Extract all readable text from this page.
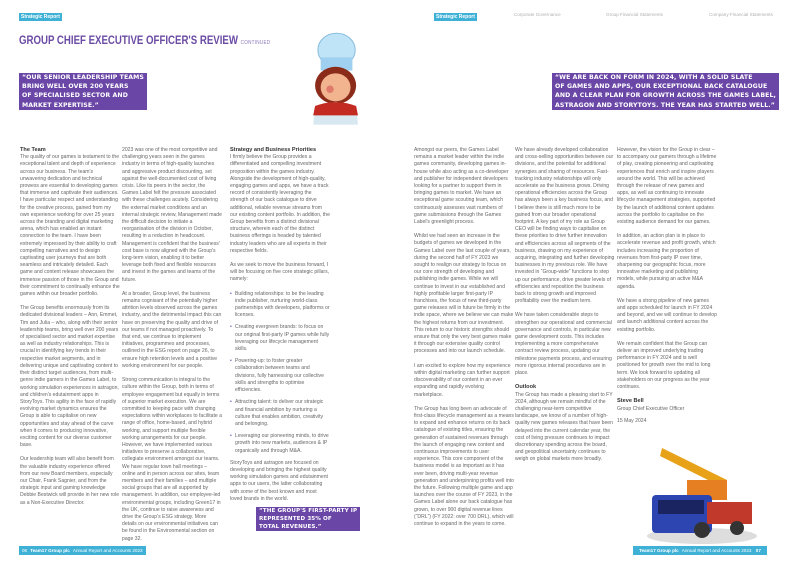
Strategic Report	Strategic Report	Corporate Governance	Group Financial Statements	Company Financial Statements
GROUP CHIEF EXECUTIVE OFFICER'S REVIEW CONTINUED
“OUR SENIOR LEADERSHIP TEAMS
BRING WELL OVER 200 YEARS
OF SPECIALISED SECTOR AND
MARKET EXPERTISE.”
“WE ARE BACK ON FORM IN 2024, WITH A SOLID SLATE
OF GAMES AND APPS, OUR EXCEPTIONAL BACK CATALOGUE
AND A CLEAR PLAN FOR GROWTH ACROSS THE GAMES LABEL,
ASTRAGON AND STORYTOYS. THE YEAR HAS STARTED WELL.”
The Team

The quality of our games is testament to the exceptional talent and depth of experience across our business. The team's unwavering dedication and technical prowess are essential to developing games that immerse and captivate their audiences. I have particular respect and understanding for the creative process, gained from my own experience working for over 25 years across the branding and digital marketing arena, which has enabled an instant connection to the team. I have been extremely impressed by their ability to craft compelling narratives and to design captivating user journeys that are both seamless and intricately detailed. Each game and content release showcases the immense passion of those in the Group and their commitment to continually enhance the games within our broader portfolio.

The Group benefits enormously from its dedicated divisional leaders – Ann, Emmet, Tim and Julia – who, along with their senior leadership teams, bring well over 200 years of specialised sector and market expertise as well as industry relationships. This is crucial in identifying key trends in their respective market segments, and in delivering unique and captivating content to their distinct target audiences, from multi-genre indie gamers in the Games Label, to working simulation experiences in astragon, and children's edutainment apps in StoryToys. This agility in the face of rapidly evolving market dynamics ensures the Group is able to capitalise on new opportunities and stay ahead of the curve when it comes to producing innovative, exciting content for our diverse customer base.

Our leadership team will also benefit from the valuable industry experience offered from our new Board members, especially our Chair, Frank Sagnier, and from the strategic input and gaming knowledge Debbie Bestwick will provide in her new role as a Non-Executive Director.

2023 was one of the most competitive and challenging years seen in the games industry in terms of high-quality launches and aggressive product discounting, set against the well-documented cost of living crisis. Like its peers in the sector, the Games Label felt the pressure associated with these challenges acutely. Considering the external market conditions and an internal strategic review, Management made the difficult decision to initiate a reorganisation of the division in October, resulting in a reduction in headcount. Management is confident that the business' cost base is now aligned with the Group's long-term vision, enabling it to better leverage both fixed and flexible resources and invest in the games and teams of the future.

At a broader, Group level, the business remains cognisant of the potentially higher attrition levels observed across the games industry, and the detrimental impact this can have on preserving the quality and drive of our teams if not managed proactively. To that end, we continue to implement initiatives, programmes and processes, outlined in the ESG report on page 26, to ensure high retention levels and a positive working environment for our people.

Strong communication is integral to the culture within the Group, both in terms of employee engagement but equally in terms of superior market execution. We are committed to keeping pace with changing expectations within workplaces to facilitate a range of office, home-based, and hybrid working, and support multiple flexible working arrangements for our people. However, we have implemented various initiatives to preserve a collaborative, collegiate environment amongst our teams. We have regular town hall meetings – online and in person across our sites, team members and their families – and multiple social groups that are all supported by management. In addition, our employee-led environmental groups, including Green17 in the UK, continue to raise awareness and drive the Group's ESG strategy. More details on our environmental initiatives can be found in the Environmental section on page 32.

Strategy and Business Priorities

I firmly believe the Group provides a differentiated and compelling investment proposition within the games industry. Alongside the development of high-quality, engaging games and apps, we have a track record of consistently leveraging the strength of our back catalogue to drive additional, reliable revenue streams from our existing content portfolio. In addition, the Group benefits from a distinct divisional structure, wherein each of the distinct business offerings is headed by talented industry leaders who are all experts in their respective fields.

As we seek to move the business forward, I will be focusing on five core strategic pillars, namely:

• Building relationships: to be the leading indie publisher, nurturing world-class partnerships with developers, platforms or licenses.
• Creating evergreen brands: to focus on our original first-party IP games while fully leveraging our lifecycle management skills.
• Powering-up: to foster greater collaboration between teams and divisions, fully harnessing our collective skills and strengths to optimise efficiencies.
• Attracting talent: to deliver our strategic and financial ambition by nurturing a culture that enables ambition, creativity and belonging.
• Leveraging our pioneering minds, to drive growth into new markets, audiences & IP organically and through M&A.

StoryToys and astragon are focused on developing and bringing the highest quality working simulation games and edutainment apps to our users, the latter collaborating with some of the best known and most loved brands in the world.

“THE GROUP'S FIRST-PARTY IP
REPRESENTED 35% OF
TOTAL REVENUES.”

Amongst our peers, the Games Label remains a market leader within the indie games community, developing games in-house while also acting as a co-developer and publisher for independent developers looking for a partner to support them in bringing games to market. We have an exceptional game scouting team, which continuously assesses vast numbers of game submissions through the Games Label's greenlight process.

Whilst we had seen an increase in the budgets of games we developed in the Games Label over the last couple of years, during the second half of FY 2023 we sought to realign our strategy to focus on our core strength of developing and publishing indie games. While we will continue to invest in our established and highly profitable larger first-party IP franchises, the focus of new third-party game releases will in future be firmly in the indie space, where we believe we can make the highest returns from our investment. This return to our historic strengths should ensure that only the very best games make it through our extensive quality control processes and into our launch schedule.

I am excited to explore how my experience within digital marketing can further support discoverability of our content in an ever expanding and rapidly evolving marketplace.

The Group has long been an advocate of first-class lifecycle management as a means to expand and enhance returns on its back catalogue of existing titles, ensuring the generation of sustained revenues through the launch of engaging new content and continuous improvements to user experience. This core component of the business model is as important as it has ever been, driving multi-year revenue generation and underpinning profits well into the future. Following multiple game and app launches over the course of FY 2023, in the Games Label alone our back catalogue has grown, to over 900 digital revenue lines (“DRL”) (FY 2022: over 700 DRL), which will continue to expand in the years to come.

We have already developed collaboration and cross-selling opportunities between our divisions, and the potential for additional synergies and sharing of resources. Fast-tracking industry relationships will only accelerate as the business grows. Driving operational efficiencies across the Group has always been a key business focus, and I believe there is still much more to be gained from our broader operational footprint. A key part of my role as Group CEO will be finding ways to capitalise on these priorities to drive further innovation and efficiencies across all segments of the business, drawing on my experience of acquiring, integrating and further developing businesses in my previous role. We have invested in “Group-wide” functions to step up our performance, drive greater levels of efficiencies and reposition the business back to strong growth and improved profitability over the medium term.

We have taken considerable steps to strengthen our operational and commercial governance and controls, in particular new game development costs. This includes implementing a more comprehensive contract review process, updating our milestone payments process, and ensuring more rigorous internal procedures are in place.

Outlook

The Group has made a pleasing start to FY 2024, although we remain mindful of the challenging near-term competitive landscape, we know of a number of high-quality new games releases that have been delayed into the current calendar year, the cost of living pressure continues to impact discretionary spending across the board, and geopolitical uncertainty continues to weigh on global markets more broadly.

However, the vision for the Group in clear – to accompany our gamers through a lifetime of play, creating pioneering and captivating experiences that enrich and inspire players around the world. This will be achieved through the release of new games and apps, as well as continuing to innovate lifecycle management strategies, supported by the launch of additional content updates across the portfolio to capitalise on the existing audience demand for our games.

In addition, an action plan is in place to accelerate revenue and profit growth, which includes increasing the proportion of revenues from first-party IP over time, sharpening our geographic focus, more innovative marketing and publishing models, while pursuing an active M&A agenda.

We have a strong pipeline of new games and apps scheduled for launch in FY 2024 and beyond, and we will continue to develop and launch additional content across the existing portfolio.

We remain confident that the Group can deliver an improved underlying trading performance in FY 2024 and is well positioned for growth over the mid to long term. We look forward to updating all stakeholders on our progress as the year continues.

Steve Bell
Group Chief Executive Officer
15 May 2024
06 Team17 Group plc Annual Report and Accounts 2023	Team17 Group plc Annual Report and Accounts 2023 07
